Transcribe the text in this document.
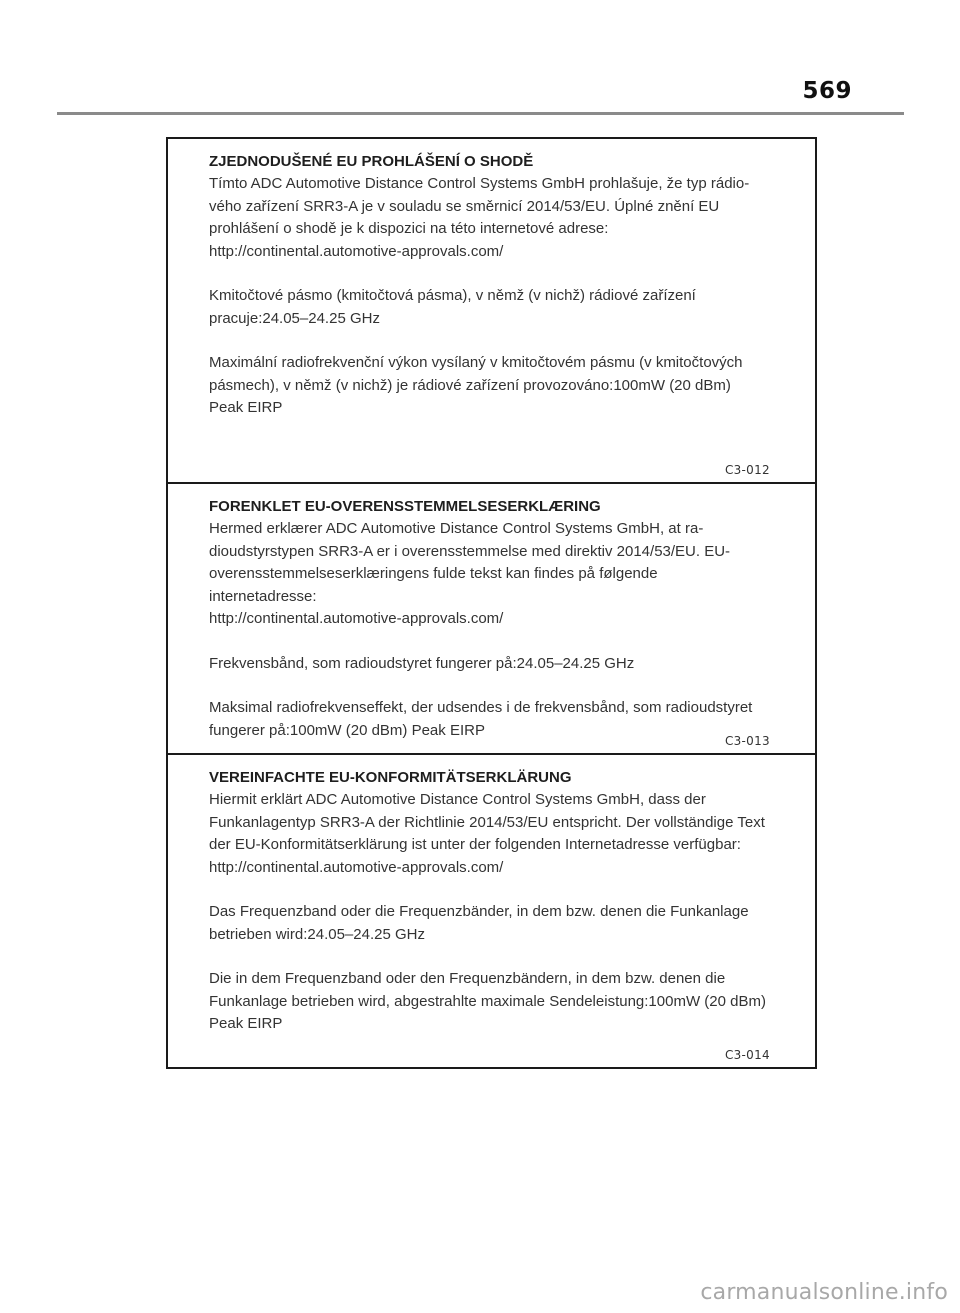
569

ZJEDNODUŠENÉ EU PROHLÁŠENÍ O SHODĚ

Tímto ADC Automotive Distance Control Systems GmbH prohlašuje, že typ rádio-vého zařízení SRR3-A je v souladu se směrnicí 2014/53/EU. Úplné znění EU prohlášení o shodě je k dispozici na této internetové adrese:

http://continental.automotive-approvals.com/

Kmitočtové pásmo (kmitočtová pásma), v němž (v nichž) rádiové zařízení pracuje:24.05–24.25 GHz

Maximální radiofrekvenční výkon vysílaný v kmitočtovém pásmu (v kmitočtových pásmech), v němž (v nichž) je rádiové zařízení provozováno:100mW (20 dBm) Peak EIRP

C3-012

FORENKLET EU-OVERENSSTEMMELSESERKLÆRING

Hermed erklærer ADC Automotive Distance Control Systems GmbH, at ra-dioudstyrstypen SRR3-A er i overensstemmelse med direktiv 2014/53/EU. EU-overensstemmelseserklæringens fulde tekst kan findes på følgende internetadresse:

http://continental.automotive-approvals.com/

Frekvensbånd, som radioudstyret fungerer på:24.05–24.25 GHz

Maksimal radiofrekvenseffekt, der udsendes i de frekvensbånd, som radioudstyret fungerer på:100mW (20 dBm) Peak EIRP

C3-013

VEREINFACHTE EU-KONFORMITÄTSERKLÄRUNG

Hiermit erklärt ADC Automotive Distance Control Systems GmbH, dass der Funkanlagentyp SRR3-A der Richtlinie 2014/53/EU entspricht. Der vollständige Text der EU-Konformitätserklärung ist unter der folgenden Internetadresse verfügbar:

http://continental.automotive-approvals.com/

Das Frequenzband oder die Frequenzbänder, in dem bzw. denen die Funkanlage betrieben wird:24.05–24.25 GHz

Die in dem Frequenzband oder den Frequenzbändern, in dem bzw. denen die Funkanlage betrieben wird, abgestrahlte maximale Sendeleistung:100mW (20 dBm) Peak EIRP

C3-014
carmanualsonline.info
